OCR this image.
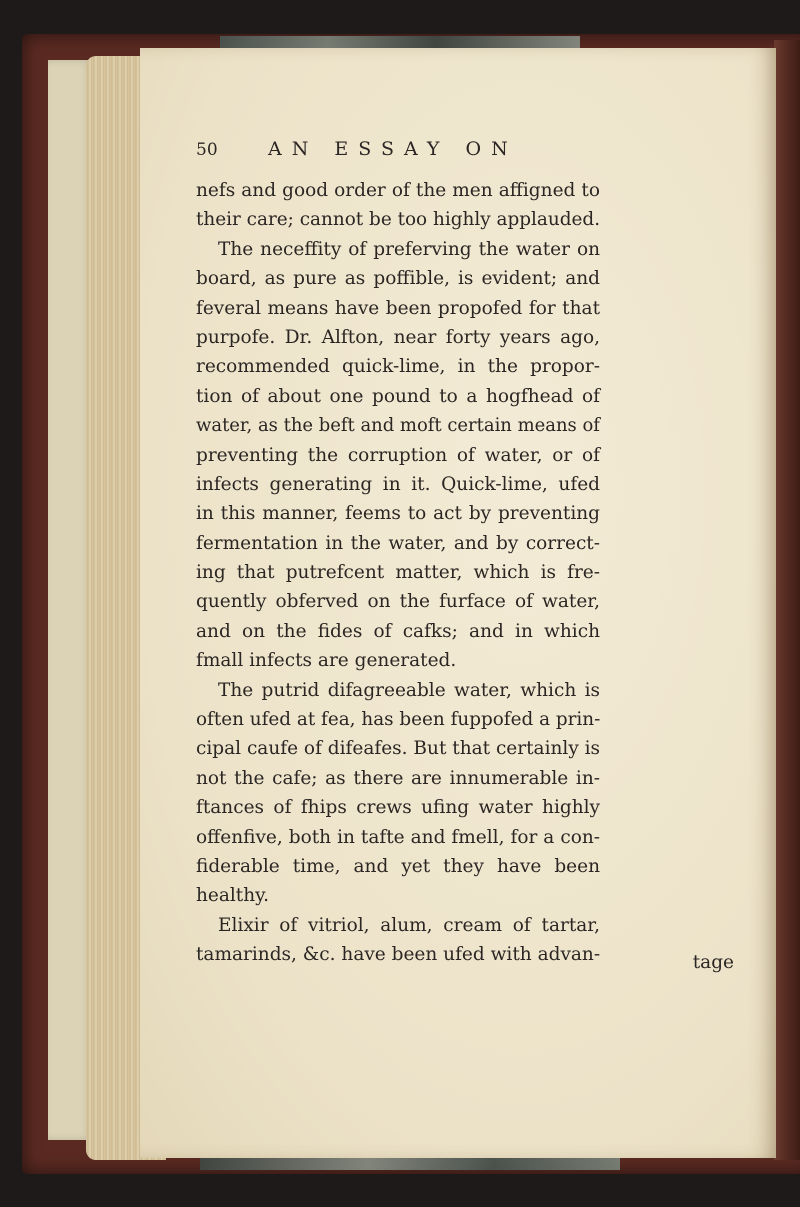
50	AN ESSAY ON
nefs and good order of the men affigned to
their care; cannot be too highly applauded.
The neceffity of preferving the water on
board, as pure as poffible, is evident; and
feveral means have been propofed for that
purpofe. Dr. Alfton, near forty years ago,
recommended quick-lime, in the propor-
tion of about one pound to a hogfhead of
water, as the beft and moft certain means of
preventing the corruption of water, or of
infects generating in it. Quick-lime, ufed
in this manner, feems to act by preventing
fermentation in the water, and by correct-
ing that putrefcent matter, which is fre-
quently obferved on the furface of water,
and on the fides of cafks; and in which
fmall infects are generated.
The putrid difagreeable water, which is
often ufed at fea, has been fuppofed a prin-
cipal caufe of difeafes. But that certainly is
not the cafe; as there are innumerable in-
ftances of fhips crews ufing water highly
offenfive, both in tafte and fmell, for a con-
fiderable time, and yet they have been
healthy.
Elixir of vitriol, alum, cream of tartar,
tamarinds, &c. have been ufed with advan-	tage
